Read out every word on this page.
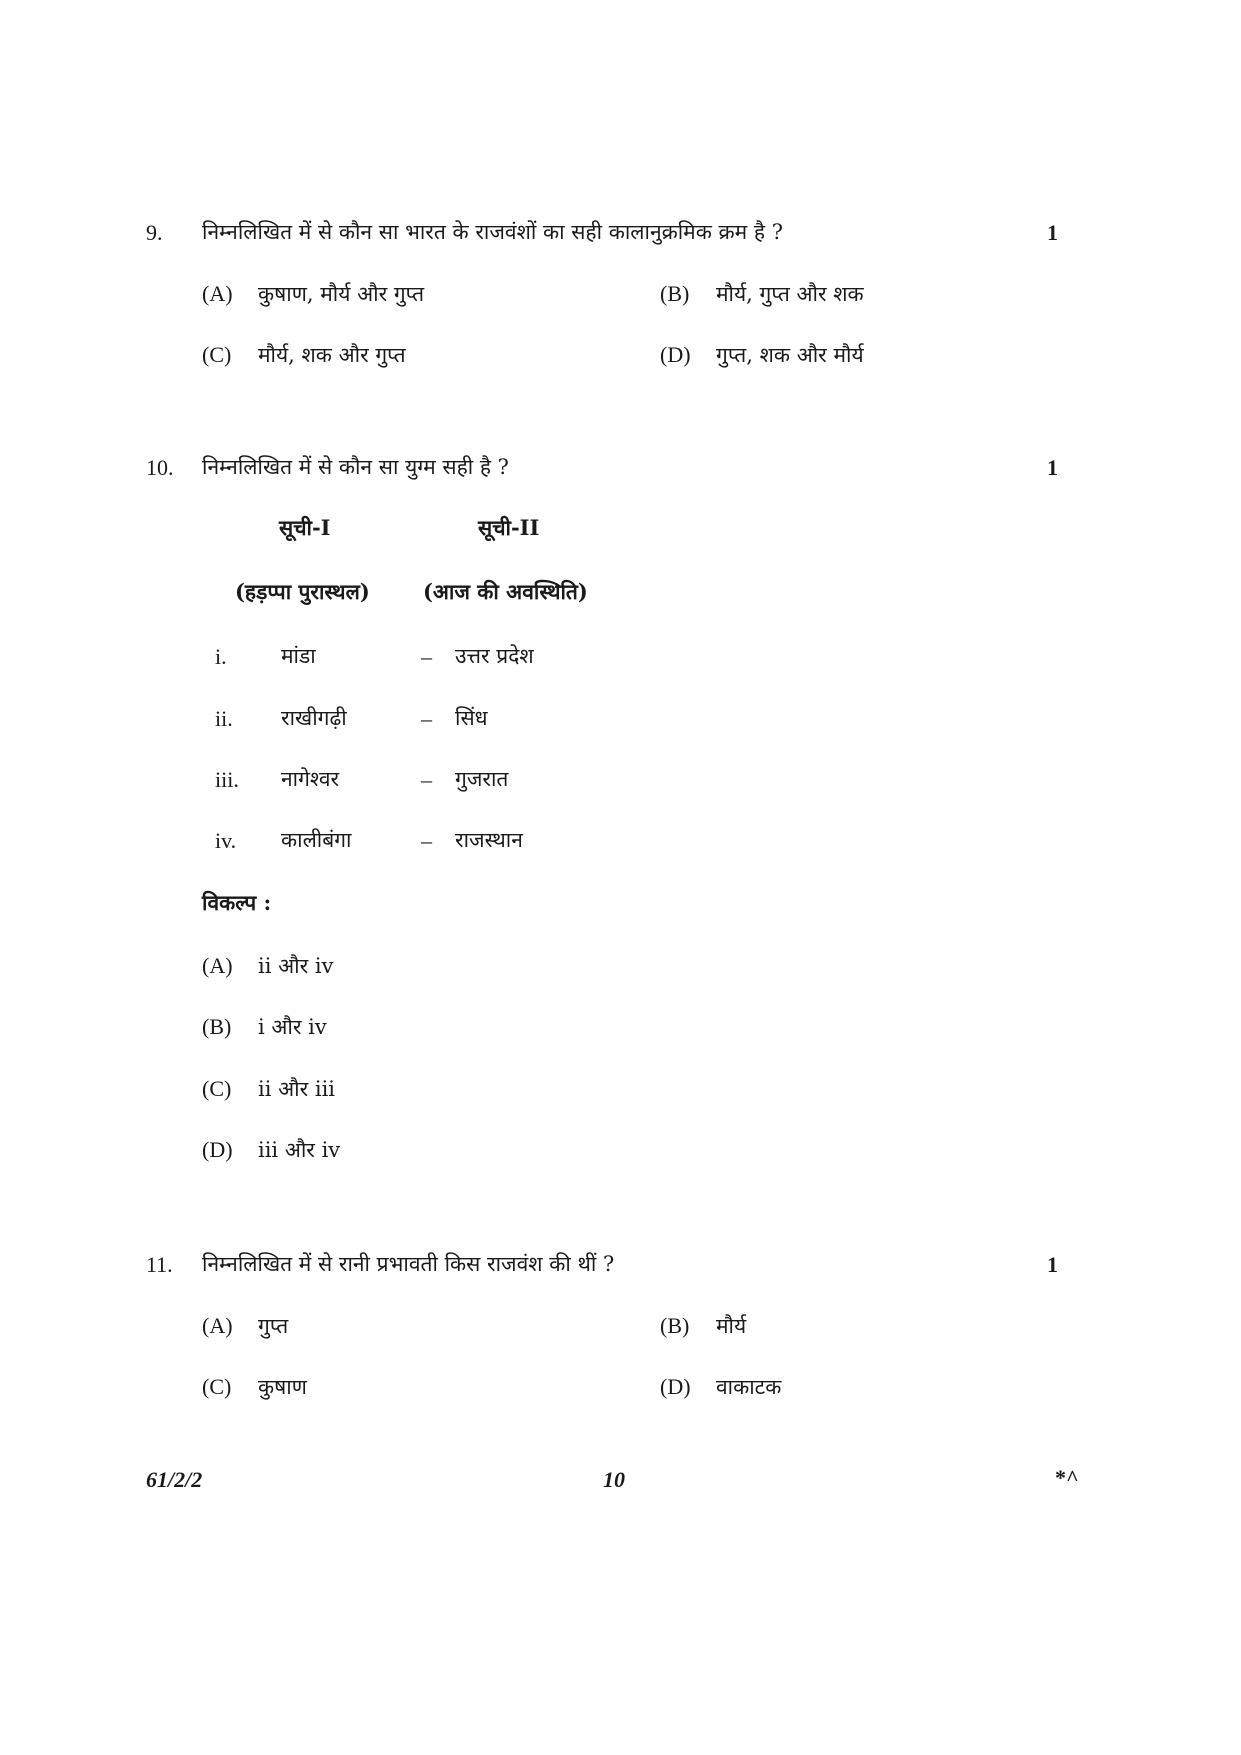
9. निम्नलिखित में से कौन सा भारत के राजवंशों का सही कालानुक्रमिक क्रम है ?	1
(A) कुषाण, मौर्य और गुप्त	(B) मौर्य, गुप्त और शक
(C) मौर्य, शक और गुप्त	(D) गुप्त, शक और मौर्य
10. निम्नलिखित में से कौन सा युग्म सही है ?	1
सूची-I	सूची-II
(हड़प्पा पुरास्थल)	(आज की अवस्थिति)
i.	मांडा	– उत्तर प्रदेश
ii. राखीगढ़ी	– सिंध
iii. नागेश्वर	– गुजरात
iv. कालीबंगा	– राजस्थान
विकल्प :
(A) ii और iv
(B) i और iv
(C) ii और iii
(D) iii और iv
11. निम्नलिखित में से रानी प्रभावती किस राजवंश की थीं ?	1
(A) गुप्त	(B) मौर्य
(C) कुषाण	(D) वाकाटक
61/2/2	10	*^
